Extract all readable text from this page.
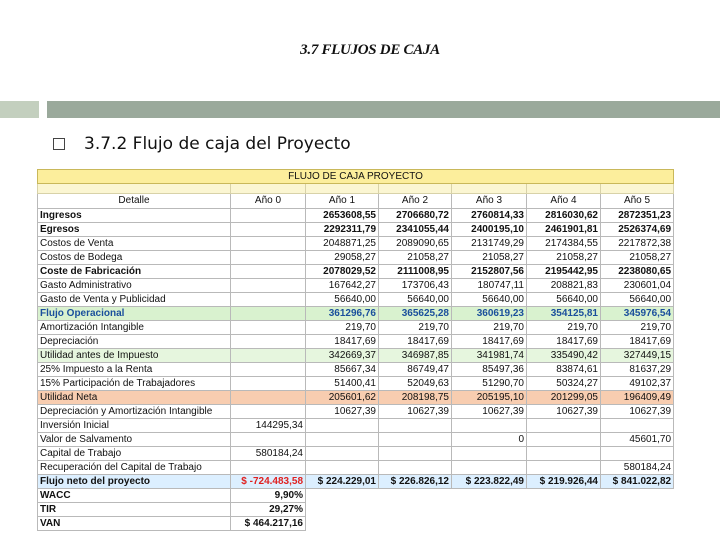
3.7 FLUJOS DE CAJA
3.7.2 Flujo de caja del Proyecto
FLUJO DE CAJA PROYECTO						

Detalle	Año 0	Año 1	Año 2	Año 3	Año 4	Año 5
Ingresos		2653608,55	2706680,72	2760814,33	2816030,62	2872351,23
Egresos		2292311,79	2341055,44	2400195,10	2461901,81	2526374,69
Costos de Venta		2048871,25	2089090,65	2131749,29	2174384,55	2217872,38
Costos de Bodega		29058,27	21058,27	21058,27	21058,27	21058,27
Coste de Fabricación		2078029,52	2111008,95	2152807,56	2195442,95	2238080,65
Gasto Administrativo		167642,27	173706,43	180747,11	208821,83	230601,04
Gasto de Venta y Publicidad		56640,00	56640,00	56640,00	56640,00	56640,00
Flujo Operacional		361296,76	365625,28	360619,23	354125,81	345976,54
Amortización Intangible		219,70	219,70	219,70	219,70	219,70
Depreciación		18417,69	18417,69	18417,69	18417,69	18417,69
Utilidad antes de Impuesto		342669,37	346987,85	341981,74	335490,42	327449,15
25% Impuesto a la Renta		85667,34	86749,47	85497,36	83874,61	81637,29
15% Participación de Trabajadores		51400,41	52049,63	51290,70	50324,27	49102,37
Utilidad Neta		205601,62	208198,75	205195,10	201299,05	196409,49
Depreciación y Amortización Intangible		10627,39	10627,39	10627,39	10627,39	10627,39
Inversión Inicial	144295,34					
Valor de Salvamento				0		45601,70
Capital de Trabajo	580184,24					
Recuperación del Capital de Trabajo						580184,24
Flujo neto del proyecto	$ -724.483,58	$ 224.229,01	$ 226.826,12	$ 223.822,49	$ 219.926,44	$ 841.022,82
WACC	9,90%					
TIR	29,27%					
VAN	$ 464.217,16					
